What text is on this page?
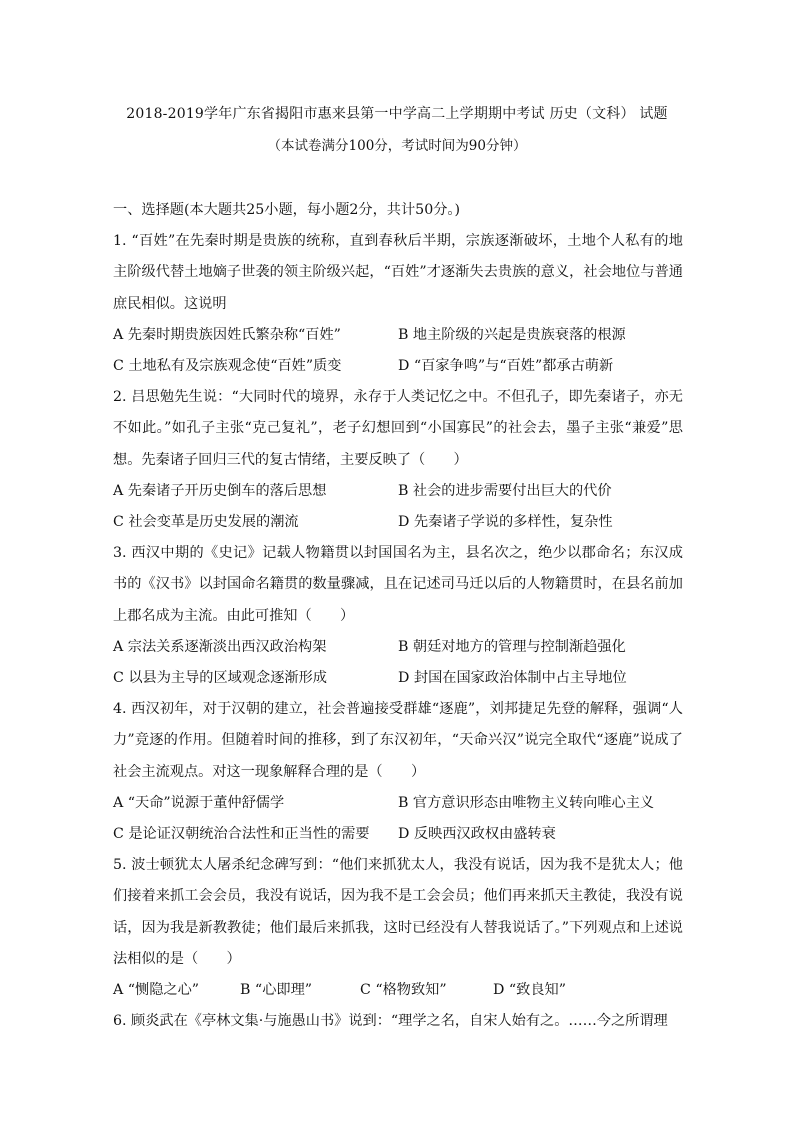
2018-2019学年广东省揭阳市惠来县第一中学高二上学期期中考试 历史（文科） 试题
（本试卷满分100分，考试时间为90分钟）

一、选择题(本大题共25小题，每小题2分，共计50分。)

1. “百姓”在先秦时期是贵族的统称，直到春秋后半期，宗族逐渐破坏，土地个人私有的地主阶级代替土地嫡子世袭的领主阶级兴起，“百姓”才逐渐失去贵族的意义，社会地位与普通庶民相似。这说明

A 先秦时期贵族因姓氏繁杂称“百姓”	B 地主阶级的兴起是贵族衰落的根源
C 土地私有及宗族观念使“百姓”质变	D “百家争鸣”与“百姓”都承古萌新

2. 吕思勉先生说：“大同时代的境界，永存于人类记忆之中。不但孔子，即先秦诸子，亦无不如此。”如孔子主张“克己复礼”，老子幻想回到“小国寡民”的社会去，墨子主张“兼爱”思想。先秦诸子回归三代的复古情绪，主要反映了（　　）

A 先秦诸子开历史倒车的落后思想	B 社会的进步需要付出巨大的代价
C 社会变革是历史发展的潮流	D 先秦诸子学说的多样性，复杂性

3. 西汉中期的《史记》记载人物籍贯以封国国名为主，县名次之，绝少以郡命名；东汉成书的《汉书》以封国命名籍贯的数量骤减，且在记述司马迁以后的人物籍贯时，在县名前加上郡名成为主流。由此可推知（　　）

A 宗法关系逐渐淡出西汉政治构架	B 朝廷对地方的管理与控制渐趋强化
C 以县为主导的区域观念逐渐形成	D 封国在国家政治体制中占主导地位

4. 西汉初年，对于汉朝的建立，社会普遍接受群雄“逐鹿”，刘邦捷足先登的解释，强调“人力”竞逐的作用。但随着时间的推移，到了东汉初年，“天命兴汉”说完全取代“逐鹿”说成了社会主流观点。对这一现象解释合理的是（　　）

A “天命”说源于董仲舒儒学	B 官方意识形态由唯物主义转向唯心主义
C 是论证汉朝统治合法性和正当性的需要	D 反映西汉政权由盛转衰

5. 波士顿犹太人屠杀纪念碑写到：“他们来抓犹太人，我没有说话，因为我不是犹太人；他们接着来抓工会会员，我没有说话，因为我不是工会会员；他们再来抓天主教徒，我没有说话，因为我是新教教徒；他们最后来抓我，这时已经没有人替我说话了。”下列观点和上述说法相似的是（　　）

A “恻隐之心”	B “心即理”	C “格物致知”	D “致良知”

6. 顾炎武在《亭林文集·与施愚山书》说到：“理学之名，自宋人始有之。……今之所谓理
